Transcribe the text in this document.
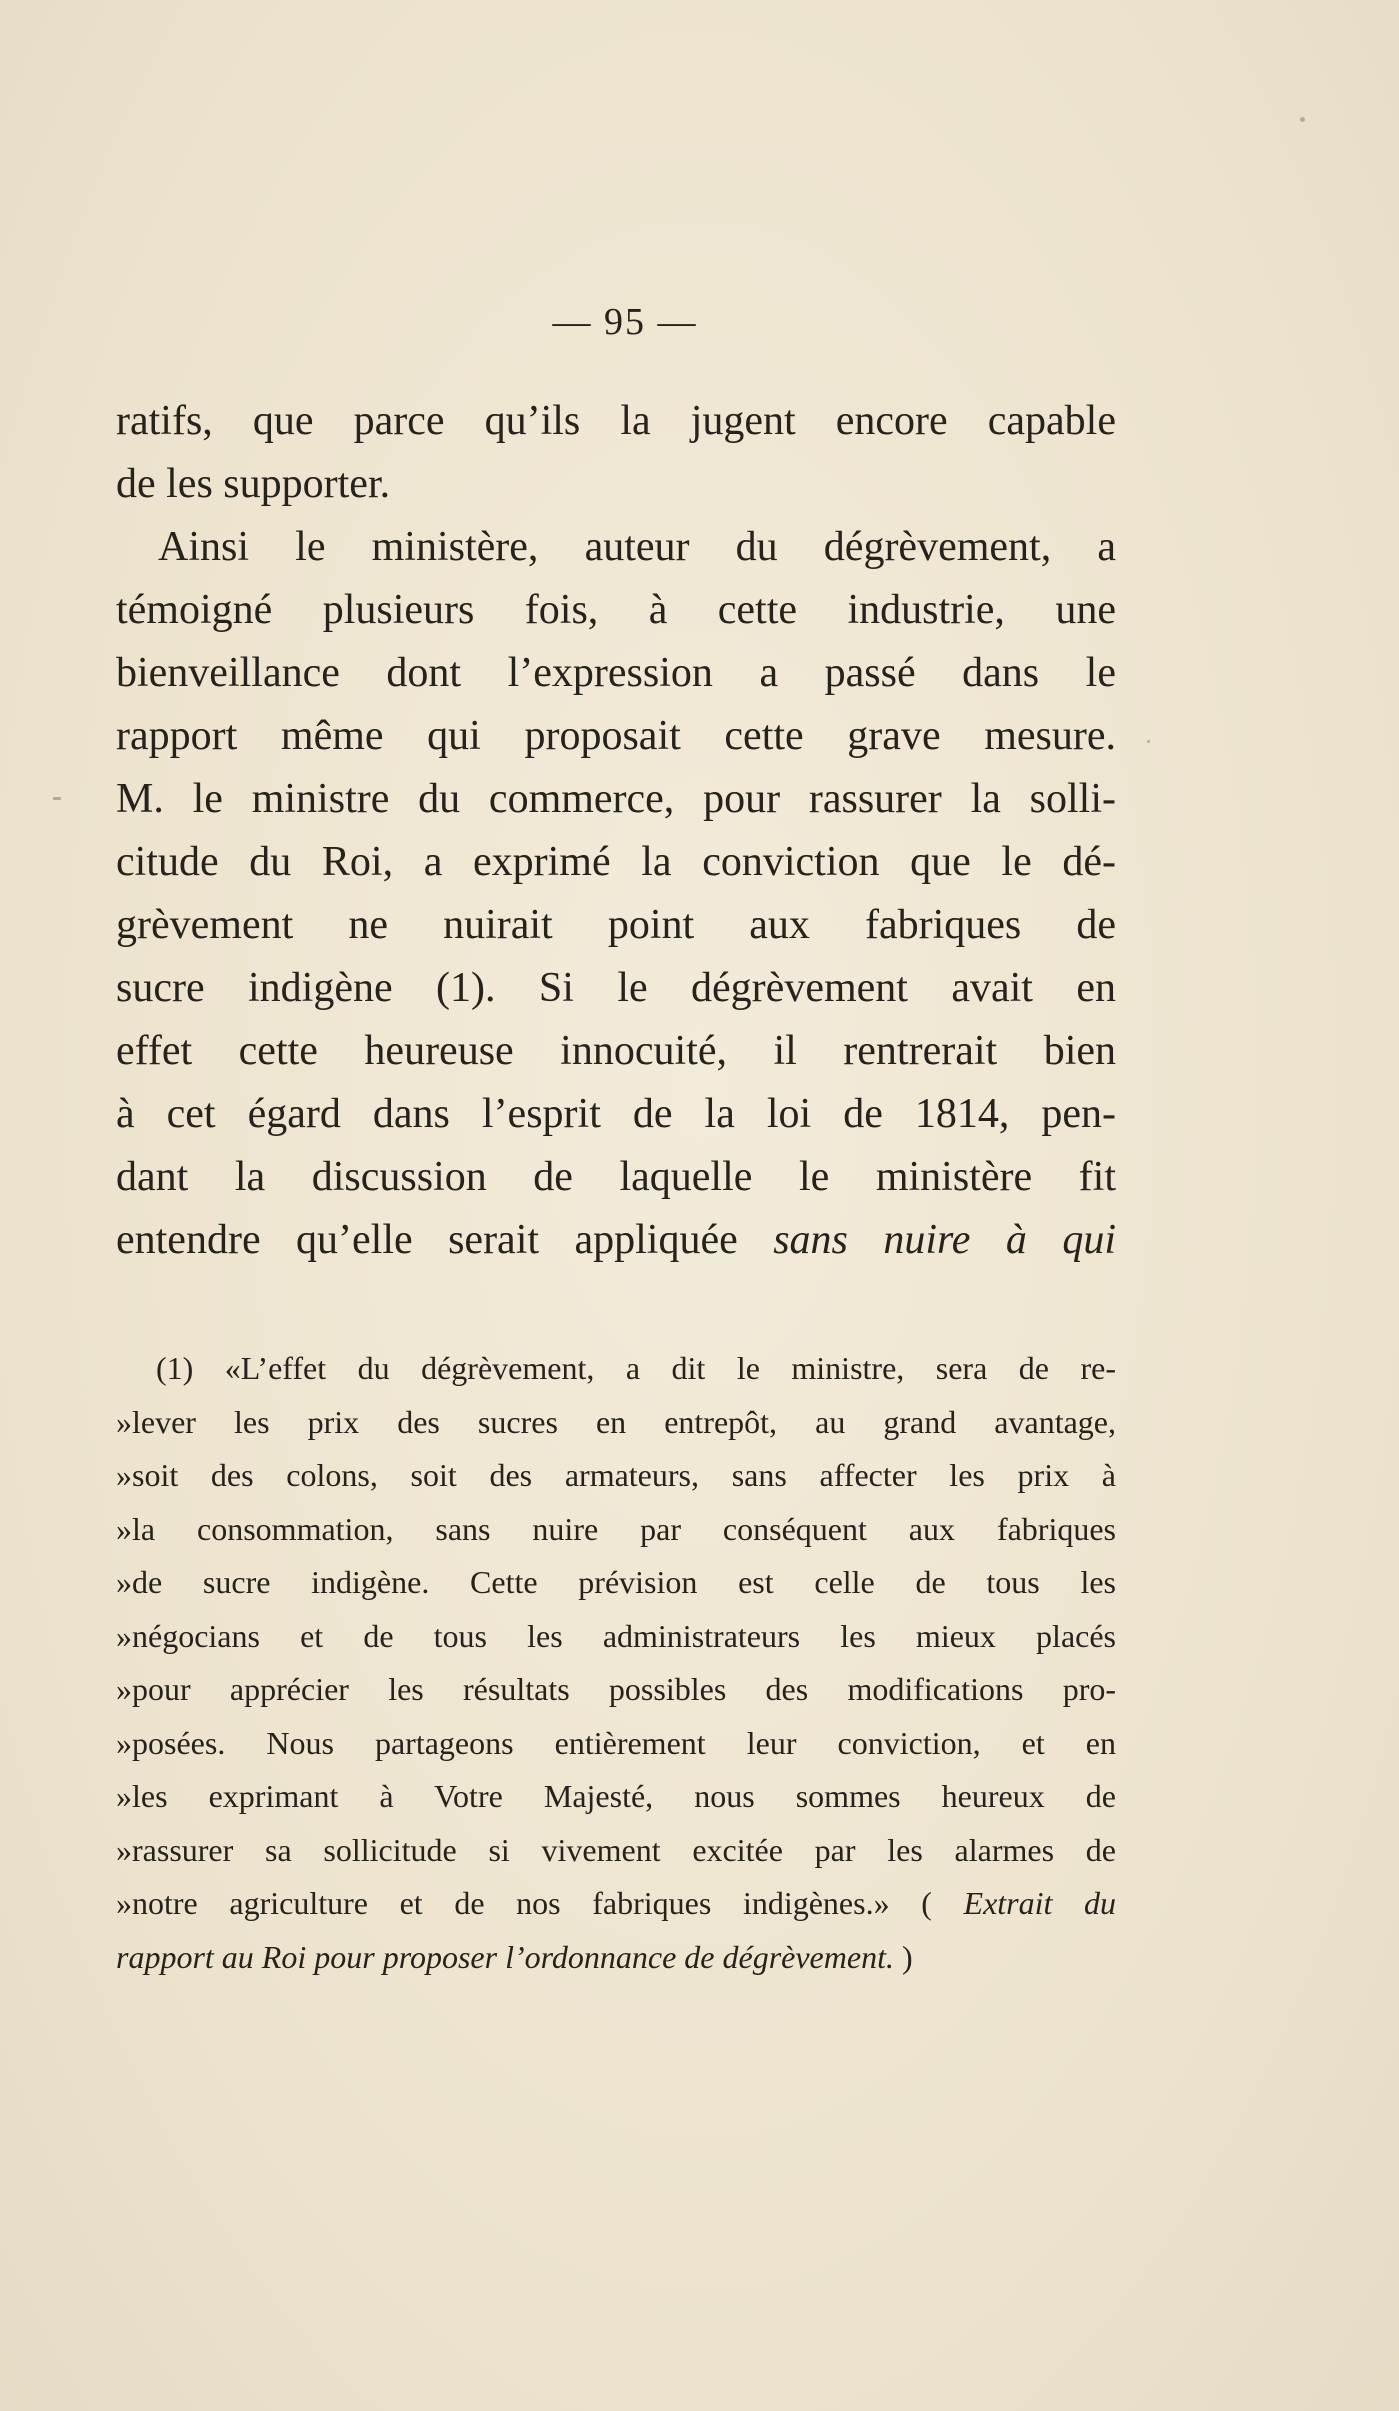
— 95 —
ratifs, que parce qu’ils la jugent encore capable
de les supporter.
Ainsi le ministère, auteur du dégrèvement, a
témoigné plusieurs fois, à cette industrie, une
bienveillance dont l’expression a passé dans le
rapport même qui proposait cette grave mesure.
M. le ministre du commerce, pour rassurer la solli-
citude du Roi, a exprimé la conviction que le dé-
grèvement ne nuirait point aux fabriques de
sucre indigène (1). Si le dégrèvement avait en
effet cette heureuse innocuité, il rentrerait bien
à cet égard dans l’esprit de la loi de 1814, pen-
dant la discussion de laquelle le ministère fit
entendre qu’elle serait appliquée sans nuire à qui
(1) «L’effet du dégrèvement, a dit le ministre, sera de re-
»lever les prix des sucres en entrepôt, au grand avantage,
»soit des colons, soit des armateurs, sans affecter les prix à
»la consommation, sans nuire par conséquent aux fabriques
»de sucre indigène. Cette prévision est celle de tous les
»négocians et de tous les administrateurs les mieux placés
»pour apprécier les résultats possibles des modifications pro-
»posées. Nous partageons entièrement leur conviction, et en
»les exprimant à Votre Majesté, nous sommes heureux de
»rassurer sa sollicitude si vivement excitée par les alarmes de
»notre agriculture et de nos fabriques indigènes.» ( Extrait du
rapport au Roi pour proposer l’ordonnance de dégrèvement. )
